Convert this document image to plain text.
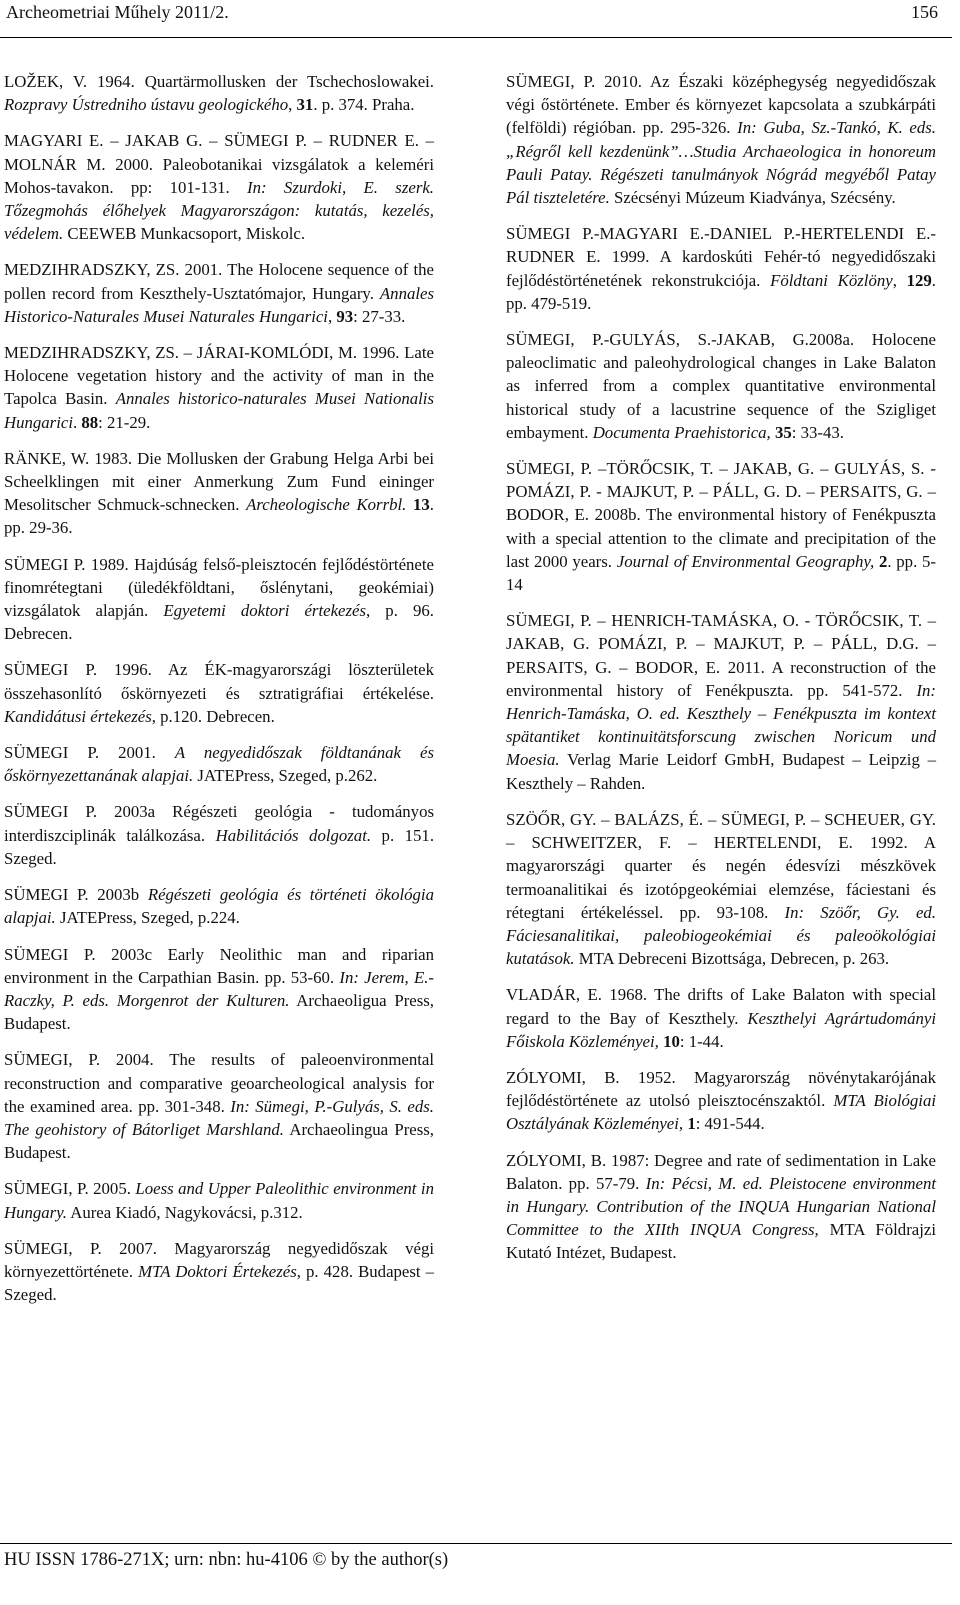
Archeometriai Műhely 2011/2.	156

LOŽEK, V. 1964. Quartärmollusken der Tschechoslowakei. Rozpravy Ústredniho ústavu geologického, 31. p. 374. Praha.

MAGYARI E. – JAKAB G. – SÜMEGI P. – RUDNER E. – MOLNÁR M. 2000. Paleobotanikai vizsgálatok a keleméri Mohos-tavakon. pp: 101-131. In: Szurdoki, E. szerk. Tőzegmohás élőhelyek Magyarországon: kutatás, kezelés, védelem. CEEWEB Munkacsoport, Miskolc.

MEDZIHRADSZKY, ZS. 2001. The Holocene sequence of the pollen record from Keszthely-Usztatómajor, Hungary. Annales Historico-Naturales Musei Naturales Hungarici, 93: 27-33.

MEDZIHRADSZKY, ZS. – JÁRAI-KOMLÓDI, M. 1996. Late Holocene vegetation history and the activity of man in the Tapolca Basin. Annales historico-naturales Musei Nationalis Hungarici. 88: 21-29.

RÄNKE, W. 1983. Die Mollusken der Grabung Helga Arbi bei Scheelklingen mit einer Anmerkung Zum Fund eininger Mesolitscher Schmuck-schnecken. Archeologische Korrbl. 13. pp. 29-36.

SÜMEGI P. 1989. Hajdúság felső-pleisztocén fejlődéstörténete finomrétegtani (üledékföldtani, őslénytani, geokémiai) vizsgálatok alapján. Egyetemi doktori értekezés, p. 96. Debrecen.

SÜMEGI P. 1996. Az ÉK-magyarországi löszterületek összehasonlító őskörnyezeti és sztratigráfiai értékelése. Kandidátusi értekezés, p.120. Debrecen.

SÜMEGI P. 2001. A negyedidőszak földtanának és őskörnyezettanának alapjai. JATEPress, Szeged, p.262.

SÜMEGI P. 2003a Régészeti geológia - tudományos interdiszciplinák találkozása. Habilitációs dolgozat. p. 151. Szeged.

SÜMEGI P. 2003b Régészeti geológia és történeti ökológia alapjai. JATEPress, Szeged, p.224.

SÜMEGI P. 2003c Early Neolithic man and riparian environment in the Carpathian Basin. pp. 53-60. In: Jerem, E.-Raczky, P. eds. Morgenrot der Kulturen. Archaeoligua Press, Budapest.

SÜMEGI, P. 2004. The results of paleoenvironmental reconstruction and comparative geoarcheological analysis for the examined area. pp. 301-348. In: Sümegi, P.-Gulyás, S. eds. The geohistory of Bátorliget Marshland. Archaeolingua Press, Budapest.

SÜMEGI, P. 2005. Loess and Upper Paleolithic environment in Hungary. Aurea Kiadó, Nagykovácsi, p.312.

SÜMEGI, P. 2007. Magyarország negyedidőszak végi környezettörténete. MTA Doktori Értekezés, p. 428. Budapest – Szeged.

SÜMEGI, P. 2010. Az Északi középhegység negyedidőszak végi őstörténete. Ember és környezet kapcsolata a szubkárpáti (felföldi) régióban. pp. 295-326. In: Guba, Sz.-Tankó, K. eds. „Régről kell kezdenünk”…Studia Archaeologica in honoreum Pauli Patay. Régészeti tanulmányok Nógrád megyéből Patay Pál tiszteletére. Szécsényi Múzeum Kiadványa, Szécsény.

SÜMEGI P.-MAGYARI E.-DANIEL P.-HERTELENDI E.-RUDNER E. 1999. A kardoskúti Fehér-tó negyedidőszaki fejlődéstörténetének rekonstrukciója. Földtani Közlöny, 129. pp. 479-519.

SÜMEGI, P.-GULYÁS, S.-JAKAB, G.2008a. Holocene paleoclimatic and paleohydrological changes in Lake Balaton as inferred from a complex quantitative environmental historical study of a lacustrine sequence of the Szigliget embayment. Documenta Praehistorica, 35: 33-43.

SÜMEGI, P. –TÖRŐCSIK, T. – JAKAB, G. – GULYÁS, S. - POMÁZI, P. - MAJKUT, P. – PÁLL, G. D. – PERSAITS, G. – BODOR, E. 2008b. The environmental history of Fenékpuszta with a special attention to the climate and precipitation of the last 2000 years. Journal of Environmental Geography, 2. pp. 5-14

SÜMEGI, P. – HENRICH-TAMÁSKA, O. - TÖRŐCSIK, T. – JAKAB, G. POMÁZI, P. – MAJKUT, P. – PÁLL, D.G. – PERSAITS, G. – BODOR, E. 2011. A reconstruction of the environmental history of Fenékpuszta. pp. 541-572. In: Henrich-Tamáska, O. ed. Keszthely – Fenékpuszta im kontext spätantiket kontinuitätsforscung zwischen Noricum und Moesia. Verlag Marie Leidorf GmbH, Budapest – Leipzig – Keszthely – Rahden.

SZÖŐR, GY. – BALÁZS, É. – SÜMEGI, P. – SCHEUER, GY. – SCHWEITZER, F. – HERTELENDI, E. 1992. A magyarországi quarter és negén édesvízi mészkövek termoanalitikai és izotópgeokémiai elemzése, fáciestani és rétegtani értékeléssel. pp. 93-108. In: Szöőr, Gy. ed. Fáciesanalitikai, paleobiogeokémiai és paleoökológiai kutatások. MTA Debreceni Bizottsága, Debrecen, p. 263.

VLADÁR, E. 1968. The drifts of Lake Balaton with special regard to the Bay of Keszthely. Keszthelyi Agrártudományi Főiskola Közleményei, 10: 1-44.

ZÓLYOMI, B. 1952. Magyarország növénytakarójának fejlődéstörténete az utolsó pleisztocénszaktól. MTA Biológiai Osztályának Közleményei, 1: 491-544.

ZÓLYOMI, B. 1987: Degree and rate of sedimentation in Lake Balaton. pp. 57-79. In: Pécsi, M. ed. Pleistocene environment in Hungary. Contribution of the INQUA Hungarian National Committee to the XIIth INQUA Congress, MTA Földrajzi Kutató Intézet, Budapest.

HU ISSN 1786-271X; urn: nbn: hu-4106 © by the author(s)
